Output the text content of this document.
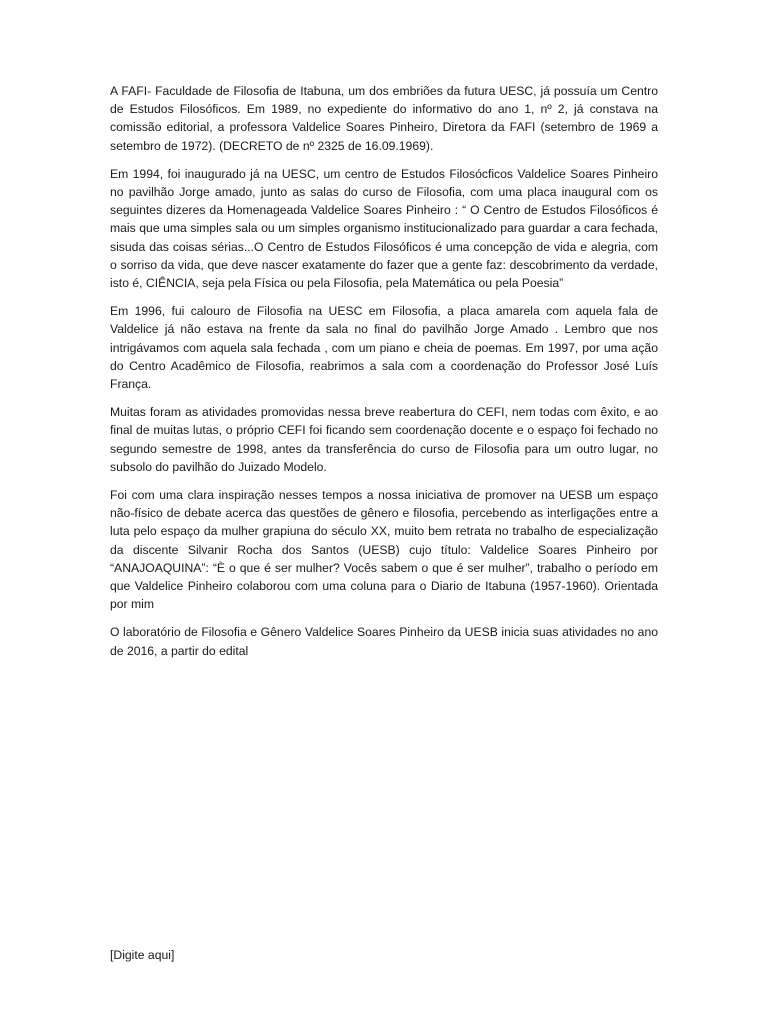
A FAFI- Faculdade de Filosofia de Itabuna, um dos embriões da futura UESC, já possuía um Centro de Estudos Filosóficos. Em 1989, no expediente do informativo do ano 1, nº 2, já constava na comissão editorial, a professora Valdelice Soares Pinheiro, Diretora da FAFI (setembro de 1969 a setembro de 1972). (DECRETO de nº 2325 de 16.09.1969).

Em 1994, foi inaugurado já na UESC, um centro de Estudos Filosócficos Valdelice Soares Pinheiro no pavilhão Jorge amado, junto as salas do curso de Filosofia, com uma placa inaugural com os seguintes dizeres da Homenageada Valdelice Soares Pinheiro : “ O Centro de Estudos Filosóficos é mais que uma simples sala ou um simples organismo institucionalizado para guardar a cara fechada, sisuda das coisas sérias...O Centro de Estudos Filosóficos é uma concepção de vida e alegria, com o sorriso da vida, que deve nascer exatamente do fazer que a gente faz: descobrimento da verdade, isto é, CIÊNCIA, seja pela Física ou pela Filosofia, pela Matemática ou pela Poesia”

Em 1996, fui calouro de Filosofia na UESC em Filosofia, a placa amarela com aquela fala de Valdelice já não estava na frente da sala no final do pavilhão Jorge Amado . Lembro que nos intrigávamos com aquela sala fechada , com um piano e cheia de poemas. Em 1997, por uma ação do Centro Acadêmico de Filosofia, reabrimos a sala com a coordenação do Professor José Luís França.

Muitas foram as atividades promovidas nessa breve reabertura do CEFI, nem todas com êxito, e ao final de muitas lutas, o próprio CEFI foi ficando sem coordenação docente e o espaço foi fechado no segundo semestre de 1998, antes da transferência do curso de Filosofia para um outro lugar, no subsolo do pavilhão do Juizado Modelo.

Foi com uma clara inspiração nesses tempos a nossa iniciativa de promover na UESB um espaço não-físico de debate acerca das questões de gênero e filosofia, percebendo as interligações entre a luta pelo espaço da mulher grapiuna do século XX, muito bem retrata no trabalho de especialização da discente Silvanir Rocha dos Santos (UESB) cujo título: Valdelice Soares Pinheiro por “ANAJOAQUINA”: “È o que é ser mulher? Vocês sabem o que é ser mulher”, trabalho o período em que Valdelice Pinheiro colaborou com uma coluna para o Diario de Itabuna (1957-1960). Orientada por mim

O laboratório de Filosofia e Gênero Valdelice Soares Pinheiro da UESB inicia suas atividades no ano de 2016, a partir do edital

[Digite aqui]
